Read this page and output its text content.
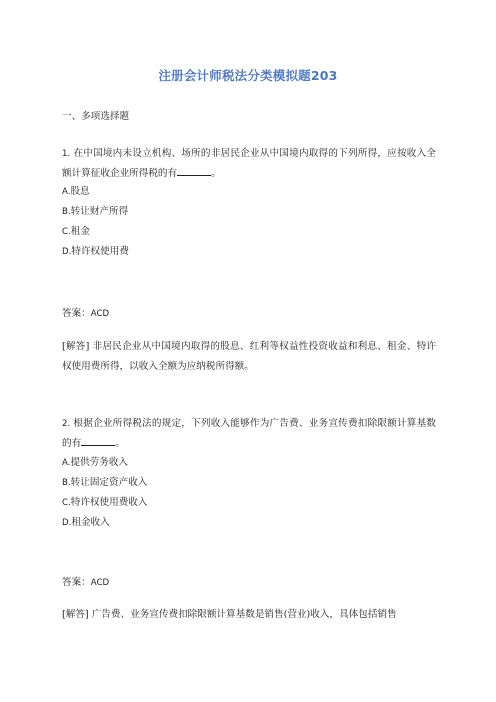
注册会计师税法分类模拟题203
一、多项选择题
1. 在中国境内未设立机构、场所的非居民企业从中国境内取得的下列所得，应按收入全额计算征收企业所得税的有	。
A.股息
B.转让财产所得
C.租金
D.特许权使用费
答案：ACD
[解答] 非居民企业从中国境内取得的股息、红利等权益性投资收益和利息、租金、特许权使用费所得，以收入全额为应纳税所得额。
2. 根据企业所得税法的规定，下列收入能够作为广告费、业务宣传费扣除限额计算基数的有	。
A.提供劳务收入
B.转让固定资产收入
C.特许权使用费收入
D.租金收入
答案：ACD
[解答] 广告费、业务宣传费扣除限额计算基数是销售(营业)收入，具体包括销售
